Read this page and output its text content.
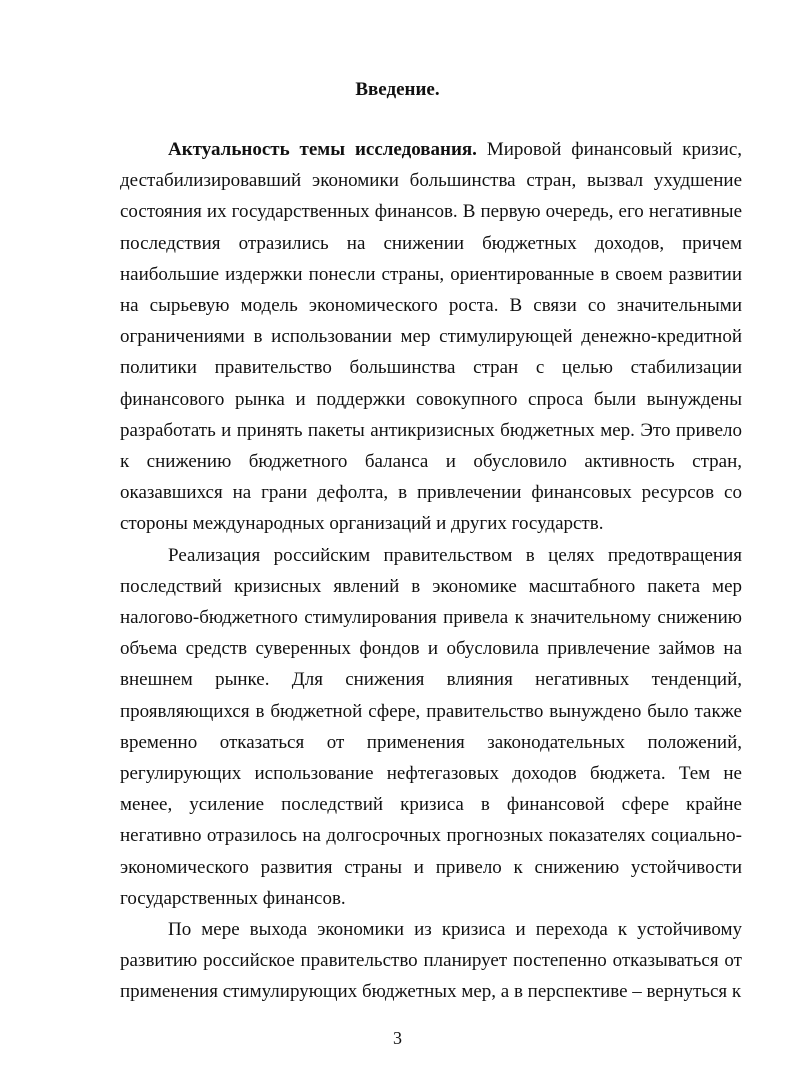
Введение.

Актуальность темы исследования. Мировой финансовый кризис, дестабилизировавший экономики большинства стран, вызвал ухудшение состояния их государственных финансов. В первую очередь, его негативные последствия отразились на снижении бюджетных доходов, причем наибольшие издержки понесли страны, ориентированные в своем развитии на сырьевую модель экономического роста. В связи со значительными ограничениями в использовании мер стимулирующей денежно-кредитной политики правительство большинства стран с целью стабилизации финансового рынка и поддержки совокупного спроса были вынуждены разработать и принять пакеты антикризисных бюджетных мер. Это привело к снижению бюджетного баланса и обусловило активность стран, оказавшихся на грани дефолта, в привлечении финансовых ресурсов со стороны международных организаций и других государств.

Реализация российским правительством в целях предотвращения последствий кризисных явлений в экономике масштабного пакета мер налогово-бюджетного стимулирования привела к значительному снижению объема средств суверенных фондов и обусловила привлечение займов на внешнем рынке. Для снижения влияния негативных тенденций, проявляющихся в бюджетной сфере, правительство вынуждено было также временно отказаться от применения законодательных положений, регулирующих использование нефтегазовых доходов бюджета. Тем не менее, усиление последствий кризиса в финансовой сфере крайне негативно отразилось на долгосрочных прогнозных показателях социально-экономического развития страны и привело к снижению устойчивости государственных финансов.

По мере выхода экономики из кризиса и перехода к устойчивому развитию российское правительство планирует постепенно отказываться от применения стимулирующих бюджетных мер, а в перспективе – вернуться к

3
